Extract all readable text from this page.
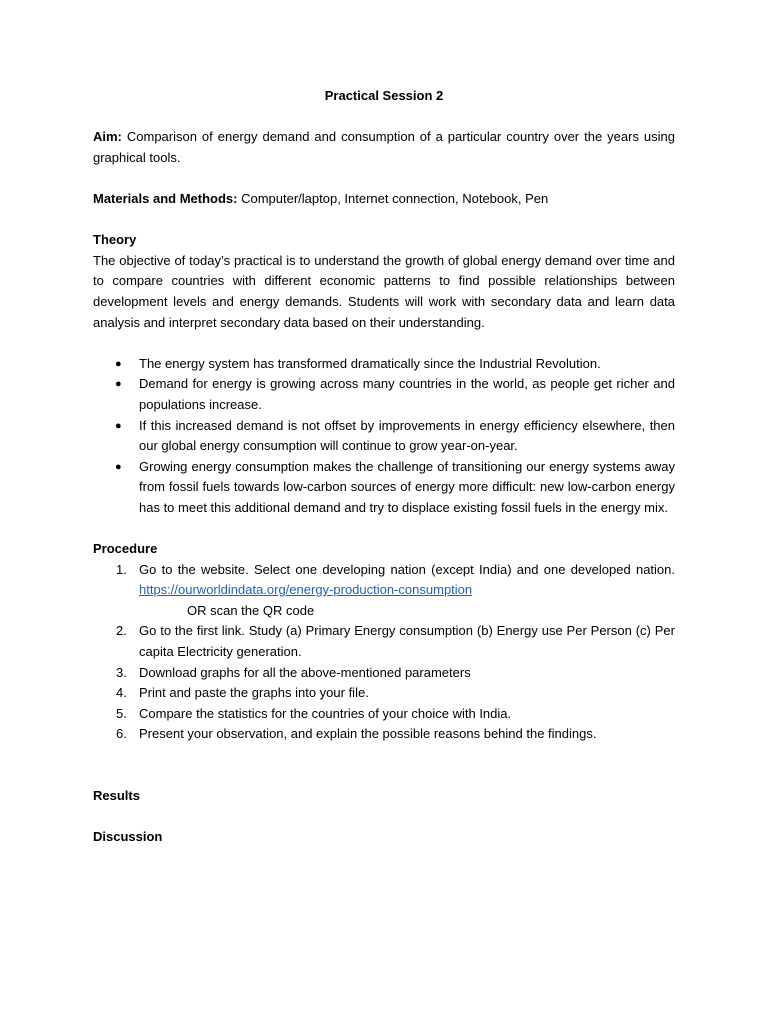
Practical Session 2

Aim: Comparison of energy demand and consumption of a particular country over the years using graphical tools.

Materials and Methods: Computer/laptop, Internet connection, Notebook, Pen

Theory

The objective of today’s practical is to understand the growth of global energy demand over time and to compare countries with different economic patterns to find possible relationships between development levels and energy demands. Students will work with secondary data and learn data analysis and interpret secondary data based on their understanding.

● The energy system has transformed dramatically since the Industrial Revolution.
● Demand for energy is growing across many countries in the world, as people get richer and populations increase.
● If this increased demand is not offset by improvements in energy efficiency elsewhere, then our global energy consumption will continue to grow year-on-year.
● Growing energy consumption makes the challenge of transitioning our energy systems away from fossil fuels towards low-carbon sources of energy more difficult: new low-carbon energy has to meet this additional demand and try to displace existing fossil fuels in the energy mix.

Procedure

1. Go to the website. Select one developing nation (except India) and one developed nation. https://ourworldindata.org/energy-production-consumption
OR scan the QR code
2. Go to the first link. Study (a) Primary Energy consumption (b) Energy use Per Person (c) Per capita Electricity generation.
3. Download graphs for all the above-mentioned parameters
4. Print and paste the graphs into your file.
5. Compare the statistics for the countries of your choice with India.
6. Present your observation, and explain the possible reasons behind the findings.

Results

Discussion
